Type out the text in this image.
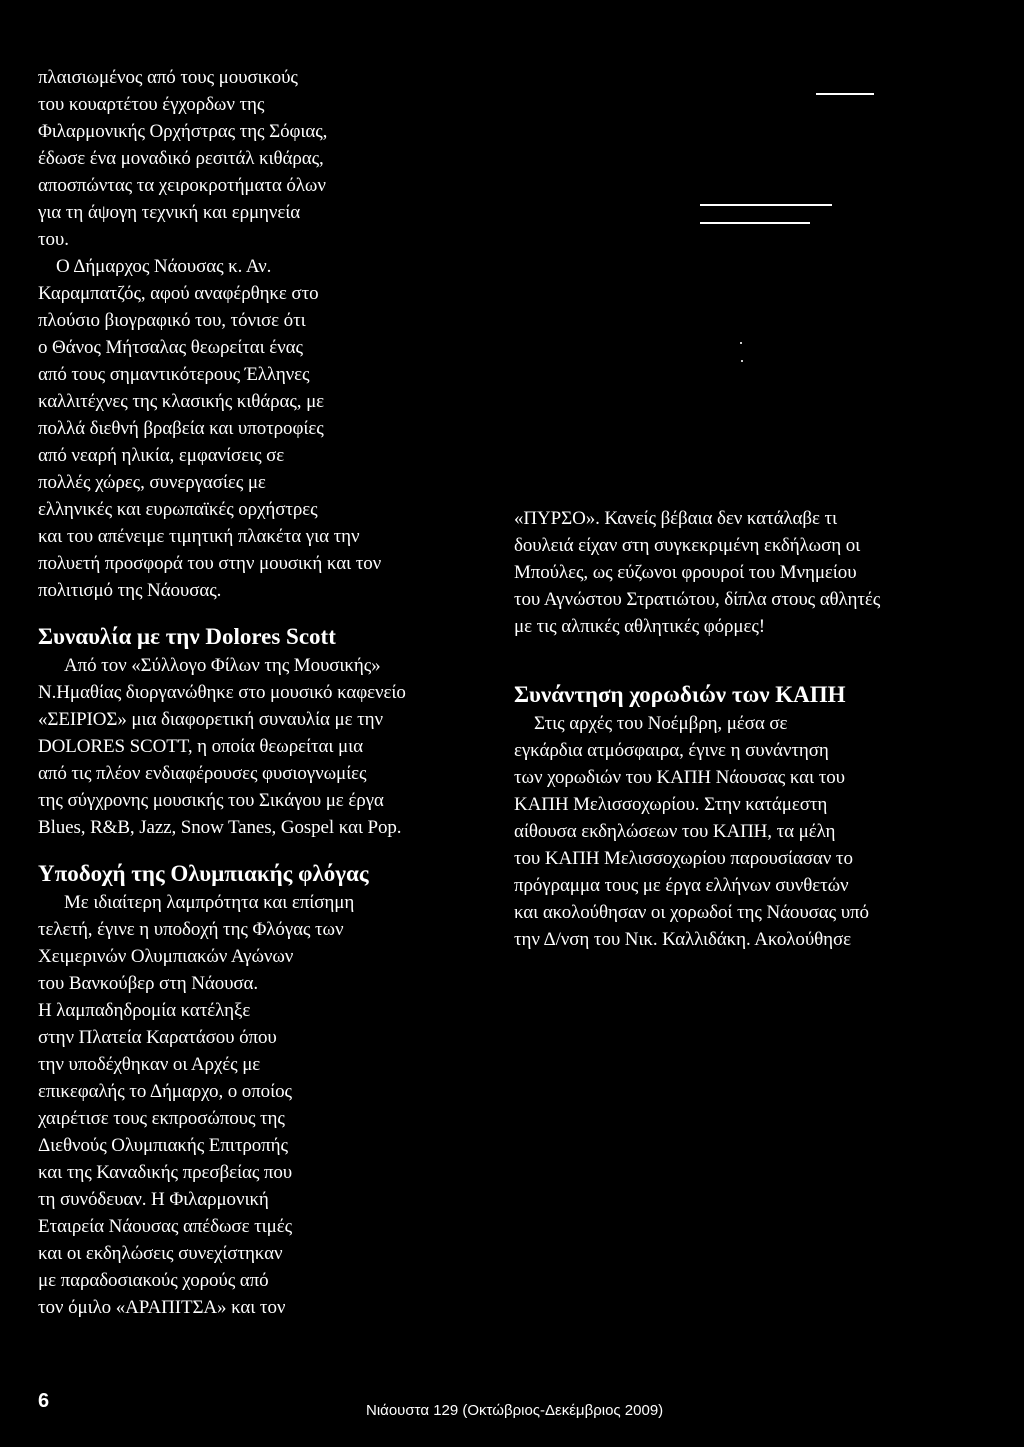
πλαισιωμένος από τους μουσικούς
του κουαρτέτου έγχορδων της
Φιλαρμονικής Ορχήστρας της Σόφιας,
έδωσε ένα μοναδικό ρεσιτάλ κιθάρας,
αποσπώντας τα χειροκροτήματα όλων
για τη άψογη τεχνική και ερμηνεία
του.
Ο Δήμαρχος Νάουσας κ. Αν.
Καραμπατζός, αφού αναφέρθηκε στο
πλούσιο βιογραφικό του, τόνισε ότι
ο Θάνος Μήτσαλας θεωρείται ένας
από τους σημαντικότερους Έλληνες
καλλιτέχνες της κλασικής κιθάρας, με
πολλά διεθνή βραβεία και υποτροφίες
από νεαρή ηλικία, εμφανίσεις σε
πολλές χώρες, συνεργασίες με
ελληνικές και ευρωπαϊκές ορχήστρες
και του απένειμε τιμητική πλακέτα για την
πολυετή προσφορά του στην μουσική και τον
πολιτισμό της Νάουσας.
Συναυλία με την Dolores Scott
Από τον «Σύλλογο Φίλων της Μουσικής»
Ν.Ημαθίας διοργανώθηκε στο μουσικό καφενείο
«ΣΕΙΡΙΟΣ» μια διαφορετική συναυλία με την
DOLORES SCOTT, η οποία θεωρείται μια
από τις πλέον ενδιαφέρουσες φυσιογνωμίες
της σύγχρονης μουσικής του Σικάγου με έργα
Blues, R&B, Jazz, Snow Tanes, Gospel και Pop.
Υποδοχή της Ολυμπιακής φλόγας
Με ιδιαίτερη λαμπρότητα και επίσημη
τελετή, έγινε η υποδοχή της Φλόγας των
Χειμερινών Ολυμπιακών Αγώνων
του Βανκούβερ στη Νάουσα.
Η λαμπαδηδρομία κατέληξε
στην Πλατεία Καρατάσου όπου
την υποδέχθηκαν οι Αρχές με
επικεφαλής το Δήμαρχο, ο οποίος
χαιρέτισε τους εκπροσώπους της
Διεθνούς Ολυμπιακής Επιτροπής
και της Καναδικής πρεσβείας που
τη συνόδευαν. Η Φιλαρμονική
Εταιρεία Νάουσας απέδωσε τιμές
και οι εκδηλώσεις συνεχίστηκαν
με παραδοσιακούς χορούς από
τον όμιλο «ΑΡΑΠΙΤΣΑ» και τον
«ΠΥΡΣΟ». Κανείς βέβαια δεν κατάλαβε τι
δουλειά είχαν στη συγκεκριμένη εκδήλωση οι
Μπούλες, ως εύζωνοι φρουροί του Μνημείου
του Αγνώστου Στρατιώτου, δίπλα στους αθλητές
με τις αλπικές αθλητικές φόρμες!
Συνάντηση χορωδιών των ΚΑΠΗ
Στις αρχές του Νοέμβρη, μέσα σε
εγκάρδια ατμόσφαιρα, έγινε η συνάντηση
των χορωδιών του ΚΑΠΗ Νάουσας και του
ΚΑΠΗ Μελισσοχωρίου. Στην κατάμεστη
αίθουσα εκδηλώσεων του ΚΑΠΗ, τα μέλη
του ΚΑΠΗ Μελισσοχωρίου παρουσίασαν το
πρόγραμμα τους με έργα ελλήνων συνθετών
και ακολούθησαν οι χορωδοί της Νάουσας υπό
την Δ/νση του Νικ. Καλλιδάκη. Ακολούθησε
6	Νιάουστα 129 (Οκτώβριος-Δεκέμβριος 2009)
